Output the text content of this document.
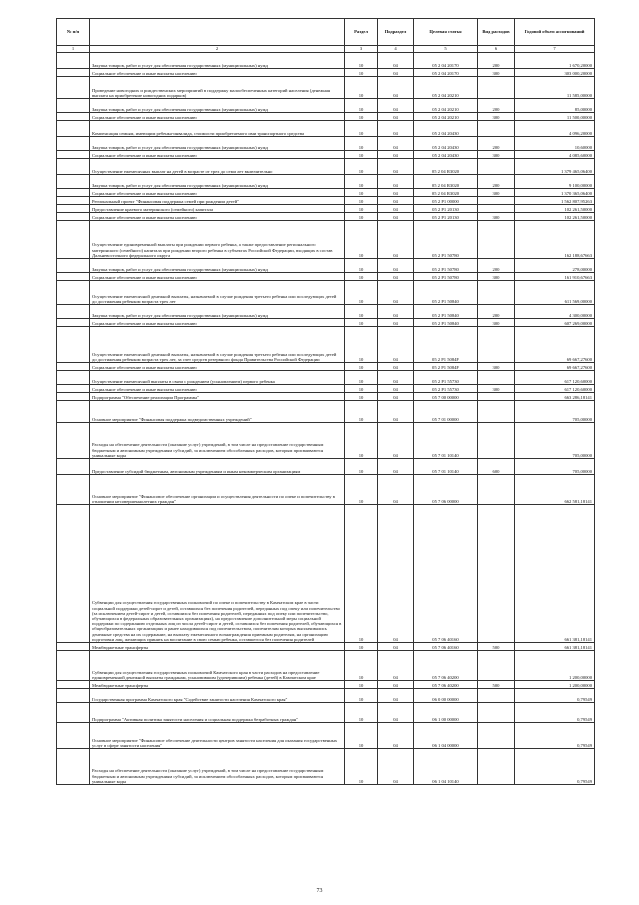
№ п/п		Раздел	Подраздел	Целевая статья	Вид расходов	Годовой объем ассигнований
1	2	3	4	5	6	7
	Закупка товаров, работ и услуг для обеспечения государственных (муниципальных) нужд	10	04	05 2 04 20170	200	1 670,20000
	Социальное обеспечение и иные выплаты населению	10	04	05 2 04 20170	300	303 000,20000
	Проведение новогодних и рождественских мероприятий в поддержку малообеспеченных категорий населения (денежная выплата на приобретение новогодних подарков)	10	04	05 2 04 20210		11 585,00000
	Закупка товаров, работ и услуг для обеспечения государственных (муниципальных) нужд	10	04	05 2 04 20210	200	85,00000
	Социальное обеспечение и иные выплаты населению	10	04	05 2 04 20210	300	11 500,00000
	Компенсация семьям, имеющим ребенка-инвалида, стоимости приобретаемого ими транспортного средства	10	04	05 2 04 20430		4 096,20000
	Закупка товаров, работ и услуг для обеспечения государственных (муниципальных) нужд	10	04	05 2 04 20430	200	10,60000
	Социальное обеспечение и иные выплаты населению	10	04	05 2 04 20430	300	4 085,60000
	Осуществление ежемесячных выплат на детей в возрасте от трех до семи лет включительно	10	04	05 2 04 R3020		1 379 465,06400
	Закупка товаров, работ и услуг для обеспечения государственных (муниципальных) нужд	10	04	05 2 04 R3020	200	9 100,00000
	Социальное обеспечение и иные выплаты населению	10	04	05 2 04 R3020	300	1 370 365,06400
	Региональный проект "Финансовая поддержка семей при рождении детей"	10	04	05 2 P1 00000		1 562 807,95263
	Предоставление краевого материнского (семейного) капитала	10	04	05 2 P1 20130		102 261,50000
	Социальное обеспечение и иные выплаты населению	10	04	05 2 P1 20130	300	102 261,50000
	Осуществление единовременной выплаты при рождении первого ребенка, а также предоставление регионального материнского (семейного) капитала при рождении второго ребенка в субъектах Российской Федерации, входящих в состав Дальневосточного федерального округа	10	04	05 2 P1 50780		162 188,67663
	Закупка товаров, работ и услуг для обеспечения государственных (муниципальных) нужд	10	04	05 2 P1 50780	200	278,00000
	Социальное обеспечение и иные выплаты населению	10	04	05 2 P1 50780	300	161 910,67663
	Осуществление ежемесячной денежной выплаты, назначаемой в случае рождения третьего ребенка или последующих детей до достижения ребенком возраста трех лет	10	04	05 2 P1 50840		611 569,00000
	Закупка товаров, работ и услуг для обеспечения государственных (муниципальных) нужд	10	04	05 2 P1 50840	200	4 300,00000
	Социальное обеспечение и иные выплаты населению	10	04	05 2 P1 50840	300	607 269,00000
	Осуществление ежемесячной денежной выплаты, назначаемой в случае рождения третьего ребенка или последующих детей до достижения ребенком возраста трех лет, за счет средств резервного фонда Правительства Российской Федерации	10	04	05 2 P1 5084F		69 667,27600
	Социальное обеспечение и иные выплаты населению	10	04	05 2 P1 5084F	300	69 667,27600
	Осуществление ежемесячной выплаты в связи с рождением (усыновлением) первого ребенка	10	04	05 2 P1 55730		617 120,60000
	Социальное обеспечение и иные выплаты населению	10	04	05 2 P1 55730	300	617 120,60000
	Подпрограмма "Обеспечение реализации Программы"	10	04	05 7 00 00000		663 286,18141
	Основное мероприятие "Финансовая поддержка подведомственных учреждений"	10	04	05 7 01 00000		705,00000
	Расходы на обеспечение деятельности (оказание услуг) учреждений, в том числе на предоставление государственным бюджетным и автономным учреждениям субсидий, за исключением обособленных расходов, которым присваиваются уникальные коды	10	04	05 7 01 10140		705,00000
	Предоставление субсидий бюджетным, автономным учреждениям и иным некоммерческим организациям	10	04	05 7 01 10140	600	705,00000
	Основное мероприятие "Финансовое обеспечение организации и осуществления деятельности по опеке и попечительству в отношении несовершеннолетних граждан"	10	04	05 7 06 00000		662 581,18141
	Субвенции для осуществления государственных полномочий по опеке и попечительству в Камчатском крае в части социальной поддержки детей-сирот и детей, оставшихся без попечения родителей, переданных под опеку или попечительство (за исключением детей-сирот и детей, оставшихся без попечения родителей, переданных под опеку или попечительство, обучающихся в федеральных образовательных организациях), на предоставление дополнительной меры социальной поддержки по содержанию отдельных лиц из числа детей-сирот и детей, оставшихся без попечения родителей, обучающихся в общеобразовательных организациях и ранее находившихся под попечительством, попечителям которых выплачивались денежные средства на их содержание, на выплату ежемесячного вознаграждения приемным родителям, на организацию подготовки лиц, желающих принять на воспитание в свою семью ребенка, оставшегося без попечения родителей	10	04	05 7 06 40160		661 381,18141
	Межбюджетные трансферты	10	04	05 7 06 40160	500	661 381,18141
	Субвенции для осуществления государственных полномочий Камчатского края в части расходов на предоставление единовременной денежной выплаты гражданам, усыновившим (удочерившим) ребенка (детей) в Камчатском крае	10	04	05 7 06 40200		1 200,00000
	Межбюджетные трансферты	10	04	05 7 06 40200	500	1 200,00000
	Государственная программа Камчатского края "Содействие занятости населения Камчатского края"	10	04	06 0 00 00000		0,79549
	Подпрограмма "Активная политика занятости населения и социальная поддержка безработных граждан"	10	04	06 1 00 00000		0,79549
	Основное мероприятие "Финансовое обеспечение деятельности центров занятости населения для оказания государственных услуг в сфере занятости населения"	10	04	06 1 04 00000		0,79549
	Расходы на обеспечение деятельности (оказание услуг) учреждений, в том числе на предоставление государственным бюджетным и автономным учреждениям субсидий, за исключением обособленных расходов, которым присваиваются уникальные коды	10	04	06 1 04 10140		0,79549
73
